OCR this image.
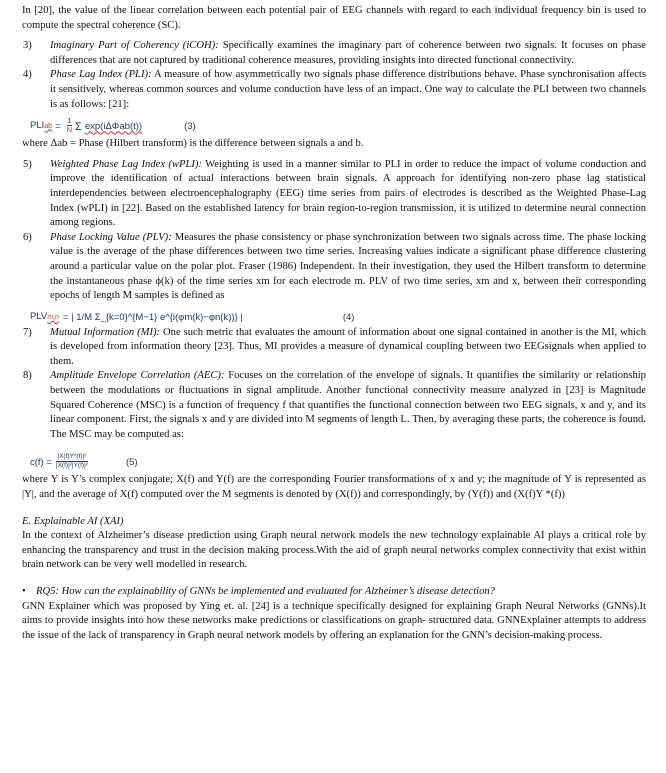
In [20], the value of the linear correlation between each potential pair of EEG channels with regard to each individual frequency bin is used to compute the spectral coherence (SC).

3)	Imaginary Part of Coherency (iCOH): Specifically examines the imaginary part of coherence between two signals. It focuses on phase differences that are not captured by traditional coherence measures, providing insights into directed functional connectivity.

4)	Phase Lag Index (PLI): A measure of how asymmetrically two signals phase difference distributions behave. Phase synchronisation affects it sensitively, whereas common sources and volume conduction have less of an impact. One way to calculate the PLI between two channels is as follows: [21]:

PLIab = $\frac{1}{N}$ Σ exp(iΔΦab(t))	(3)

where Δab = Phase (Hilbert transform) is the difference between signals a and b.

5)	Weighted Phase Lag Index (wPLI): Weighting is used in a manner similar to PLI in order to reduce the impact of volume conduction and improve the identification of actual interactions between brain signals. A approach for identifying non-zero phase lag statistical interdependencies between electroencephalography (EEG) time series from pairs of electrodes is described as the Weighted Phase-Lag Index (wPLI) in [22]. Based on the established latency for brain region-to-region transmission, it is utilized to determine neural connection among regions.

6)	Phase Locking Value (PLV): Measures the phase consistency or phase synchronization between two signals across time. The phase locking value is the average of the phase differences between two time series. Increasing values indicate a significant phase difference clustering around a particular value on the polar plot. Fraser (1986) Independent. In their investigation, they used the Hilbert transform to determine the instantaneous phase ϕ(k) of the time series xm for each electrode m. PLV of two time series, xm and x, between their corresponding epochs of length M samples is defined as

PLVm,n = | 1/M Σ_{k=0}^{M−1} e^{i(φm(k)−φn(k))} |	(4)
7)	Mutual Information (MI): One such metric that evaluates the amount of information about one signal contained in another is the MI, which is developed from information theory [23]. Thus, MI provides a measure of dynamical coupling between two EEGsignals when applied to them.

8)	Amplitude Envelope Correlation (AEC): Focuses on the correlation of the envelope of signals. It quantifies the similarity or relationship between the modulations or fluctuations in signal amplitude. Another functional connectivity measure analyzed in [23] is Magnitude Squared Coherence (MSC) is a function of frequency f that quantifies the functional connection between two EEG signals, x and y, and its linear component. First, the signals x and y are divided into M segments of length L. Then, by averaging these parts, the coherence is found. The MSC may be computed as:

$c(f) = \frac{\text{|X(f)Y*(f)|²}}{\text{|X(f)|²|Y(f)|²}}$	(5)

where Y is Y’s complex conjugate; X(f) and Y(f) are the corresponding Fourier transformations of x and y; the magnitude of Y is represented as |Y|, and the average of X(f) computed over the M segments is denoted by (X(f)) and correspondingly, by (Y(f)) and (X(f)Y *(f))

E. Explainable AI (XAI)

In the context of Alzheimer’s disease prediction using Graph neural network models the new technology explainable AI plays a critical role by enhancing the transparency and trust in the decision making process.With the aid of graph neural networks complex connectivity that exist within brain network can be very well modelled in research.

• RQ5: How can the explainability of GNNs be implemented and evaluated for Alzheimer’s disease detection?

GNN Explainer which was proposed by Ying et. al. [24] is a technique specifically designed for explaining Graph Neural Networks (GNNs).It aims to provide insights into how these networks make predictions or classifications on graph- structured data. GNNExplainer attempts to address the issue of the lack of transparency in Graph neural network models by offering an explanation for the GNN’s decision-making process.
